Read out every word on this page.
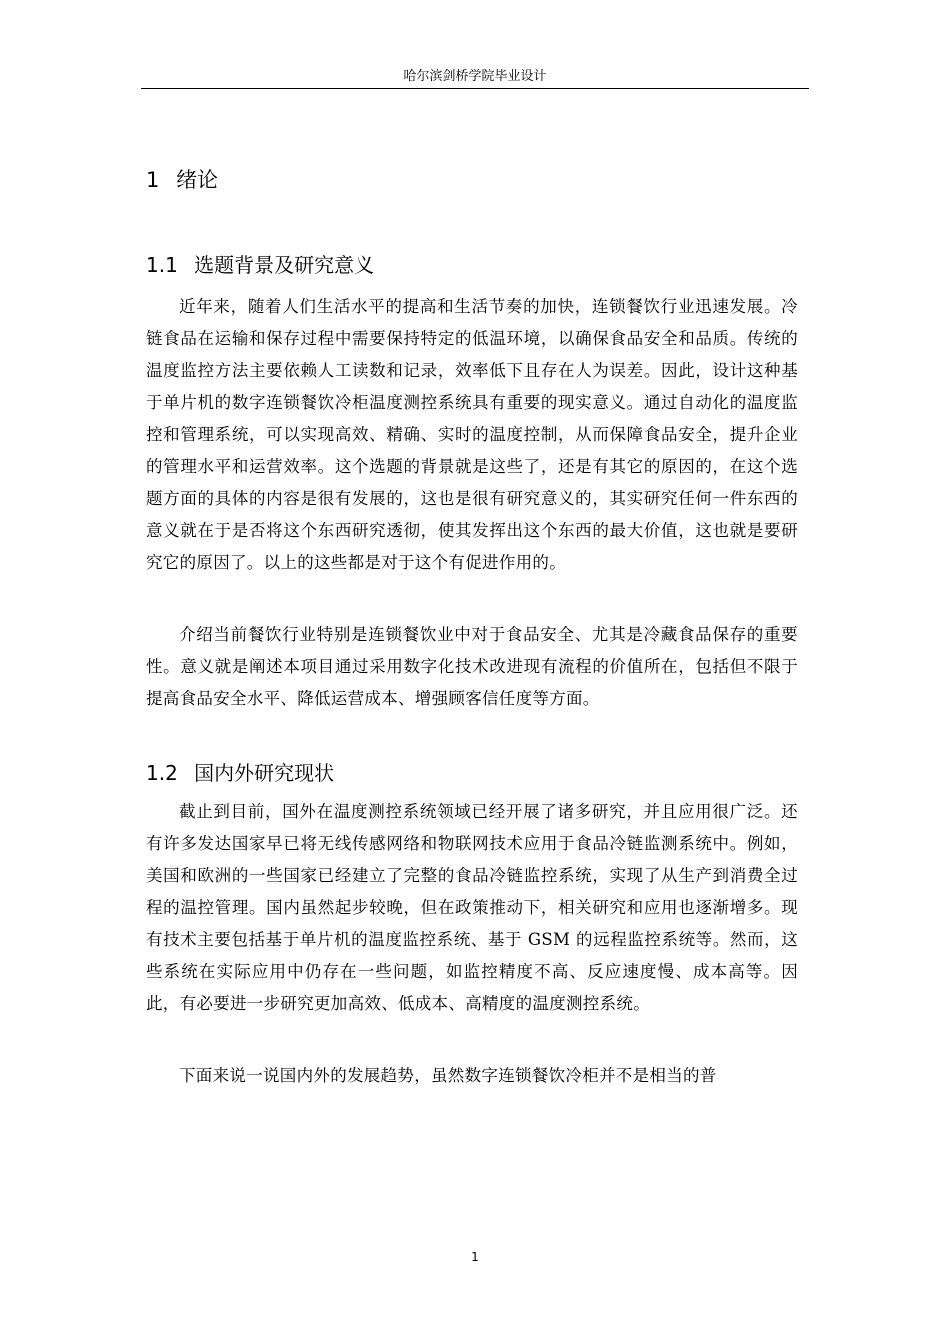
哈尔滨剑桥学院毕业设计
1 绪论
1.1 选题背景及研究意义

近年来，随着人们生活水平的提高和生活节奏的加快，连锁餐饮行业迅速发展。冷链食品在运输和保存过程中需要保持特定的低温环境，以确保食品安全和品质。传统的温度监控方法主要依赖人工读数和记录，效率低下且存在人为误差。因此，设计这种基于单片机的数字连锁餐饮冷柜温度测控系统具有重要的现实意义。通过自动化的温度监控和管理系统，可以实现高效、精确、实时的温度控制，从而保障食品安全，提升企业的管理水平和运营效率。这个选题的背景就是这些了，还是有其它的原因的，在这个选题方面的具体的内容是很有发展的，这也是很有研究意义的，其实研究任何一件东西的意义就在于是否将这个东西研究透彻，使其发挥出这个东西的最大价值，这也就是要研究它的原因了。以上的这些都是对于这个有促进作用的。

介绍当前餐饮行业特别是连锁餐饮业中对于食品安全、尤其是冷藏食品保存的重要性。意义就是阐述本项目通过采用数字化技术改进现有流程的价值所在，包括但不限于提高食品安全水平、降低运营成本、增强顾客信任度等方面。

1.2 国内外研究现状

截止到目前，国外在温度测控系统领域已经开展了诸多研究，并且应用很广泛。还有许多发达国家早已将无线传感网络和物联网技术应用于食品冷链监测系统中。例如，美国和欧洲的一些国家已经建立了完整的食品冷链监控系统，实现了从生产到消费全过程的温控管理。国内虽然起步较晚，但在政策推动下，相关研究和应用也逐渐增多。现有技术主要包括基于单片机的温度监控系统、基于 GSM 的远程监控系统等。然而，这些系统在实际应用中仍存在一些问题，如监控精度不高、反应速度慢、成本高等。因此，有必要进一步研究更加高效、低成本、高精度的温度测控系统。

下面来说一说国内外的发展趋势，虽然数字连锁餐饮冷柜并不是相当的普

1
